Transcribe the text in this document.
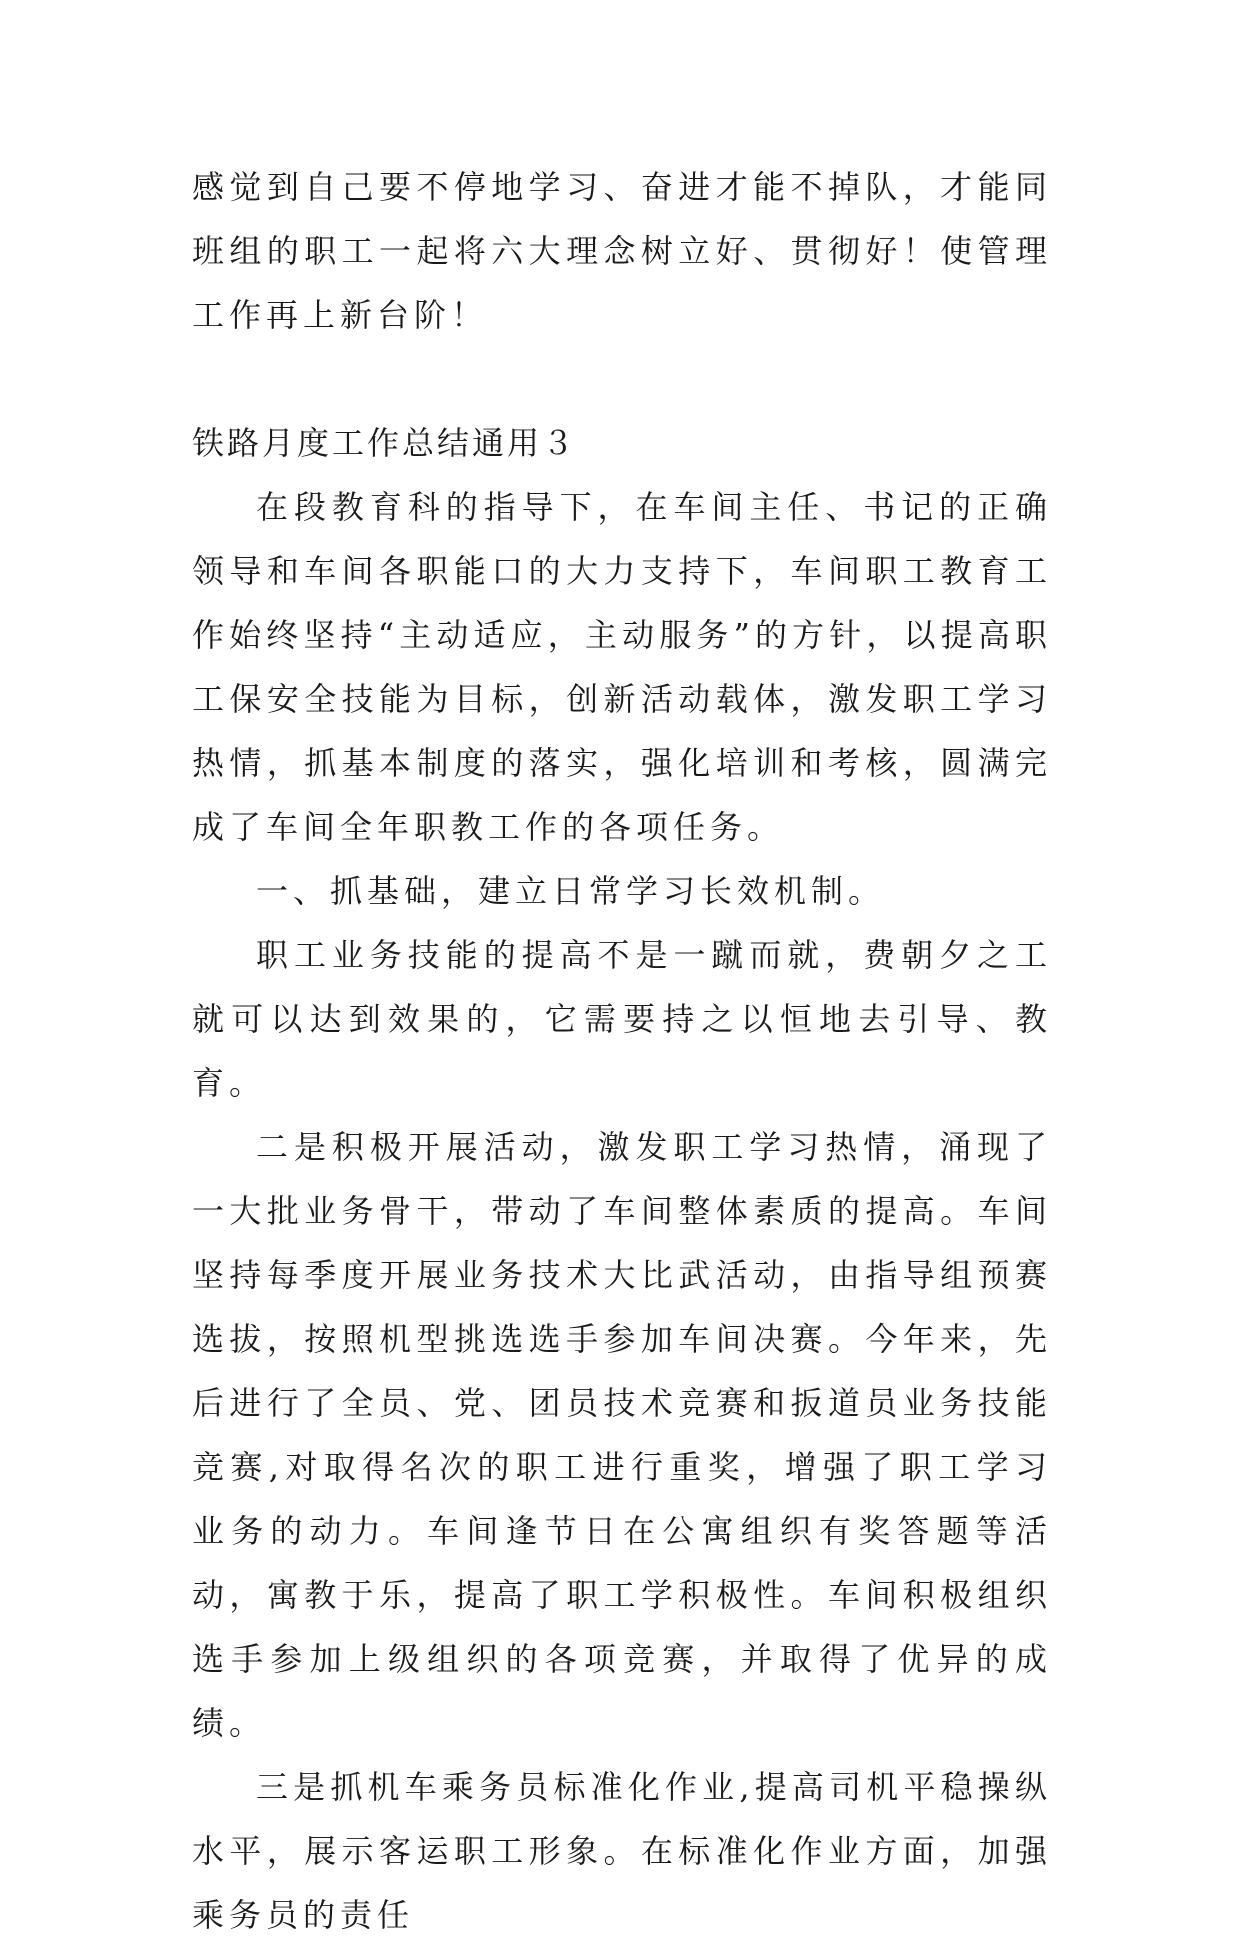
感觉到自己要不停地学习、奋进才能不掉队，才能同班组的职工一起将六大理念树立好、贯彻好！使管理工作再上新台阶！

铁路月度工作总结通用３

在段教育科的指导下，在车间主任、书记的正确领导和车间各职能口的大力支持下，车间职工教育工作始终坚持“主动适应，主动服务”的方针，以提高职工保安全技能为目标，创新活动载体，激发职工学习热情，抓基本制度的落实，强化培训和考核，圆满完成了车间全年职教工作的各项任务。

一、抓基础，建立日常学习长效机制。

职工业务技能的提高不是一蹴而就，费朝夕之工就可以达到效果的，它需要持之以恒地去引导、教育。

二是积极开展活动，激发职工学习热情，涌现了一大批业务骨干，带动了车间整体素质的提高。车间坚持每季度开展业务技术大比武活动，由指导组预赛选拔，按照机型挑选选手参加车间决赛。今年来，先后进行了全员、党、团员技术竞赛和扳道员业务技能竞赛,对取得名次的职工进行重奖，增强了职工学习业务的动力。车间逢节日在公寓组织有奖答题等活动，寓教于乐，提高了职工学积极性。车间积极组织选手参加上级组织的各项竞赛，并取得了优异的成绩。

三是抓机车乘务员标准化作业,提高司机平稳操纵水平，展示客运职工形象。在标准化作业方面，加强乘务员的责任
